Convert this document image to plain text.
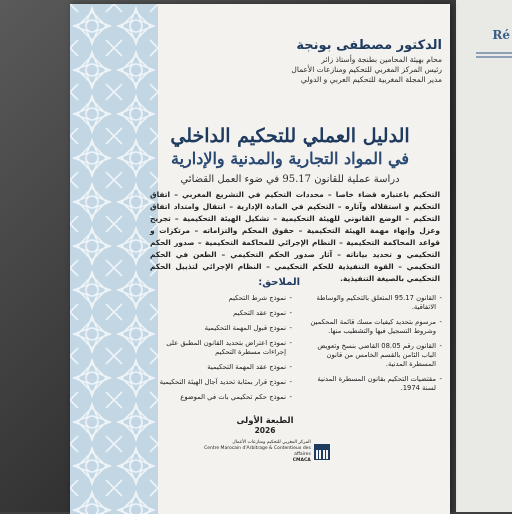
Ré
الدكتور مصطفى بونجة
محام بهيئة المحامين بطنجة وأستاذ زائر
رئيس المركز المغربي للتحكيم ومنازعات الأعمال
مدير المجلة المغربية للتحكيم العربي و الدولي
الدليل العملي للتحكيم الداخلي
في المواد التجارية والمدنية والإدارية
دراسة عملية للقانون 95.17 في ضوء العمل القضائي
التحكيم باعتباره قضاء خاصا – محددات التحكيم في التشريع المغربي – اتفاق التحكيم و استقلاله وآثاره – التحكيم في المادة الإدارية – انتقال وامتداد اتفاق التحكيم – الوضع القانوني للهيئة التحكيمية – تشكيل الهيئة التحكيمية – تجريح وعزل وإنهاء مهمة الهيئة التحكيمية – حقوق المحكم والتزاماته – مرتكزات و قواعد المحاكمة التحكيمية – النظام الإجرائي للمحاكمة التحكيمية – صدور الحكم التحكيمي و تحديد بياناته – آثار صدور الحكم التحكيمي – الطعن في الحكم التحكيمي – القوة التنفيذية للحكم التحكيمي – النظام الإجرائي لتذييل الحكم التحكيمي بالصيغة التنفيذية.
الملاحق:
- القانون 95.17 المتعلق بالتحكيم والوساطة الاتفاقية.
- مرسوم بتحديد كيفيات مسك قائمة المحكمين وشروط التسجيل فيها والتشطيب منها.
- القانون رقم 08.05 القاضي بنسخ وتعويض الباب الثامن بالقسم الخامس من قانون المسطرة المدنية.
- مقتضيات التحكيم بقانون المسطرة المدنية لسنة 1974.
- نموذج شرط التحكيم
- نموذج عقد التحكيم
- نموذج قبول المهمة التحكيمية
- نموذج اعتراض بتحديد القانون المطبق على إجراءات مسطرة التحكيم
- نموذج عقد المهمة التحكيمية
- نموذج قرار بمثابة تحديد آجال الهيئة التحكيمية
- نموذج حكم تحكيمي بات في الموضوع
الطبعة الأولى
2026
المركز المغربي للتحكيم ومنازعات الأعمال
Centre Marocain d'Arbitrage & Contentieux des affaires
CMACA
